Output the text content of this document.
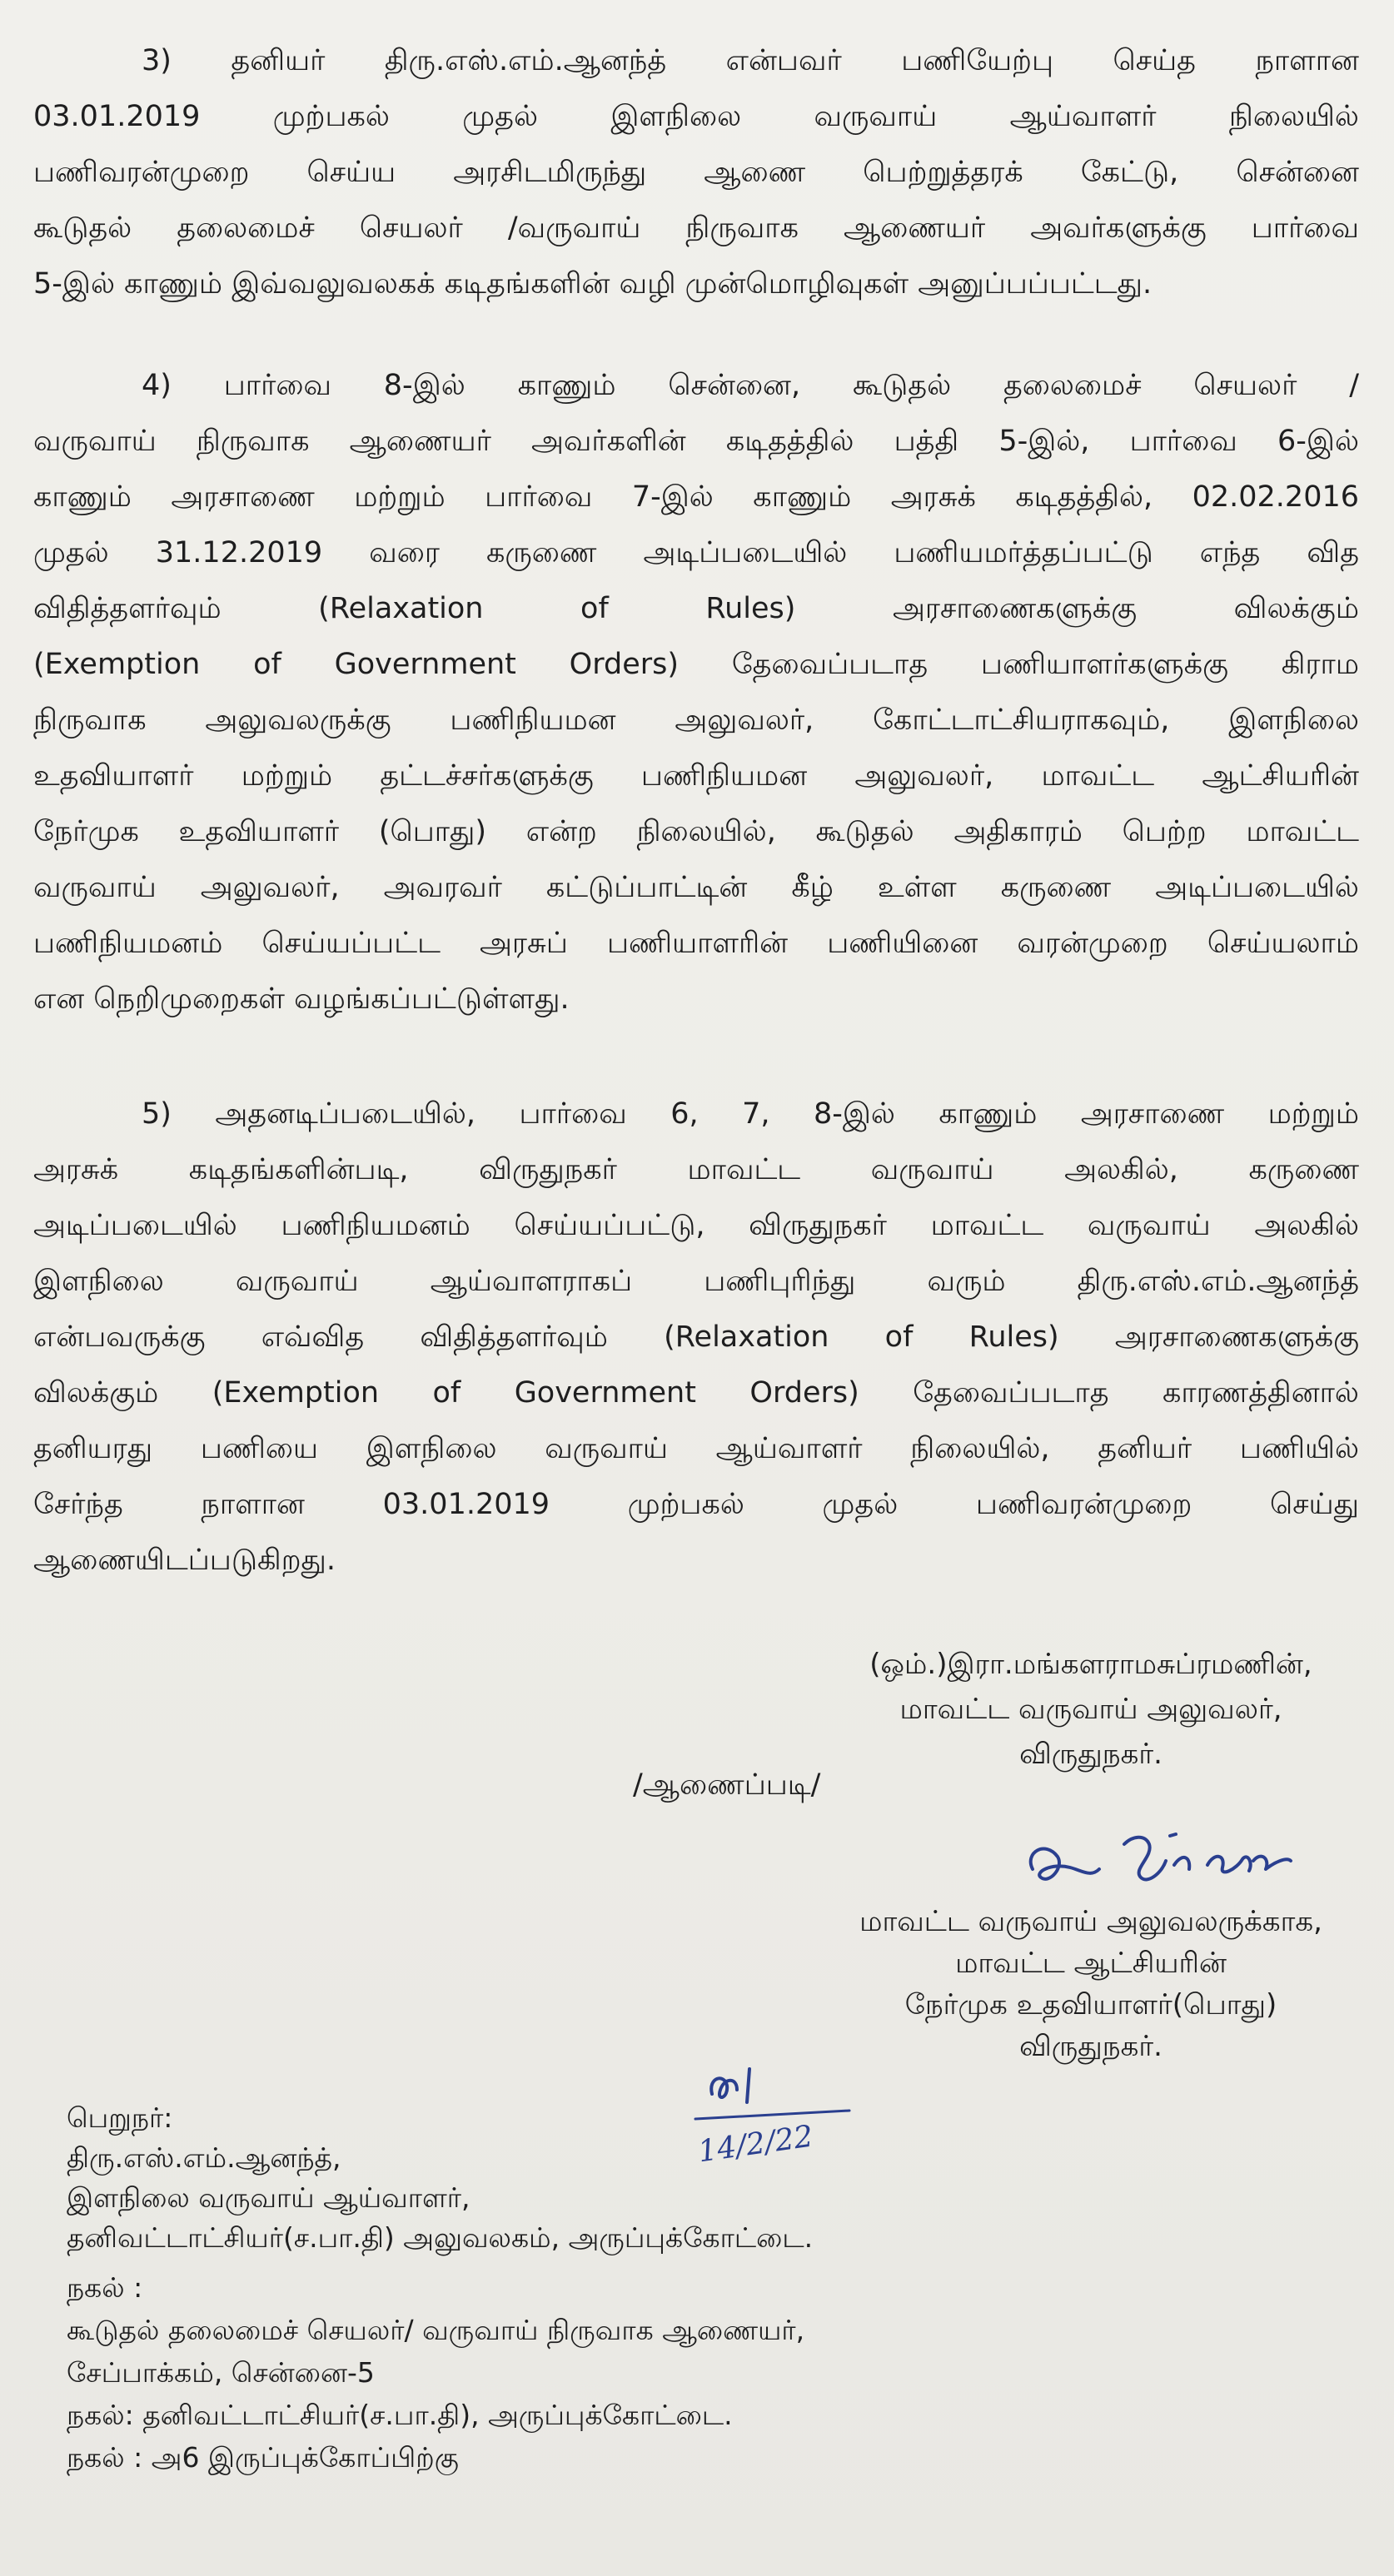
3) தனியர் திரு.எஸ்.எம்.ஆனந்த் என்பவர் பணியேற்பு செய்த நாளான
03.01.2019 முற்பகல் முதல் இளநிலை வருவாய் ஆய்வாளர் நிலையில்
பணிவரன்முறை செய்ய அரசிடமிருந்து ஆணை பெற்றுத்தரக் கேட்டு, சென்னை
கூடுதல் தலைமைச் செயலர் /வருவாய் நிருவாக ஆணையர் அவர்களுக்கு பார்வை
5-இல் காணும் இவ்வலுவலகக் கடிதங்களின் வழி முன்மொழிவுகள் அனுப்பப்பட்டது.
4) பார்வை 8-இல் காணும் சென்னை, கூடுதல் தலைமைச் செயலர் /
வருவாய் நிருவாக ஆணையர் அவர்களின் கடிதத்தில் பத்தி 5-இல், பார்வை 6-இல்
காணும் அரசாணை மற்றும் பார்வை 7-இல் காணும் அரசுக் கடிதத்தில், 02.02.2016
முதல் 31.12.2019 வரை கருணை அடிப்படையில் பணியமர்த்தப்பட்டு எந்த வித
விதித்தளர்வும் (Relaxation of Rules) அரசாணைகளுக்கு விலக்கும்
(Exemption of Government Orders) தேவைப்படாத பணியாளர்களுக்கு கிராம
நிருவாக அலுவலருக்கு பணிநியமன அலுவலர், கோட்டாட்சியராகவும், இளநிலை
உதவியாளர் மற்றும் தட்டச்சர்களுக்கு பணிநியமன அலுவலர், மாவட்ட ஆட்சியரின்
நேர்முக உதவியாளர் (பொது) என்ற நிலையில், கூடுதல் அதிகாரம் பெற்ற மாவட்ட
வருவாய் அலுவலர், அவரவர் கட்டுப்பாட்டின் கீழ் உள்ள கருணை அடிப்படையில்
பணிநியமனம் செய்யப்பட்ட அரசுப் பணியாளரின் பணியினை வரன்முறை செய்யலாம்
என நெறிமுறைகள் வழங்கப்பட்டுள்ளது.
5) அதனடிப்படையில், பார்வை 6, 7, 8-இல் காணும் அரசாணை மற்றும்
அரசுக் கடிதங்களின்படி, விருதுநகர் மாவட்ட வருவாய் அலகில், கருணை
அடிப்படையில் பணிநியமனம் செய்யப்பட்டு, விருதுநகர் மாவட்ட வருவாய் அலகில்
இளநிலை வருவாய் ஆய்வாளராகப் பணிபுரிந்து வரும் திரு.எஸ்.எம்.ஆனந்த்
என்பவருக்கு எவ்வித விதித்தளர்வும் (Relaxation of Rules) அரசாணைகளுக்கு
விலக்கும் (Exemption of Government Orders) தேவைப்படாத காரணத்தினால்
தனியரது பணியை இளநிலை வருவாய் ஆய்வாளர் நிலையில், தனியர் பணியில்
சேர்ந்த நாளான 03.01.2019 முற்பகல் முதல் பணிவரன்முறை செய்து
ஆணையிடப்படுகிறது.
(ஒம்.)இரா.மங்களராமசுப்ரமணின்,
மாவட்ட வருவாய் அலுவலர்,
விருதுநகர்.
/ஆணைப்படி/
மாவட்ட வருவாய் அலுவலருக்காக,
மாவட்ட ஆட்சியரின்
நேர்முக உதவியாளர்(பொது)
விருதுநகர்.
14/2/22
பெறுநர்:
திரு.எஸ்.எம்.ஆனந்த்,
இளநிலை வருவாய் ஆய்வாளர்,
தனிவட்டாட்சியர்(ச.பா.தி) அலுவலகம், அருப்புக்கோட்டை.
நகல் :
கூடுதல் தலைமைச் செயலர்/ வருவாய் நிருவாக ஆணையர்,
சேப்பாக்கம், சென்னை-5
நகல்: தனிவட்டாட்சியர்(ச.பா.தி), அருப்புக்கோட்டை.
நகல் : அ6 இருப்புக்கோப்பிற்கு
